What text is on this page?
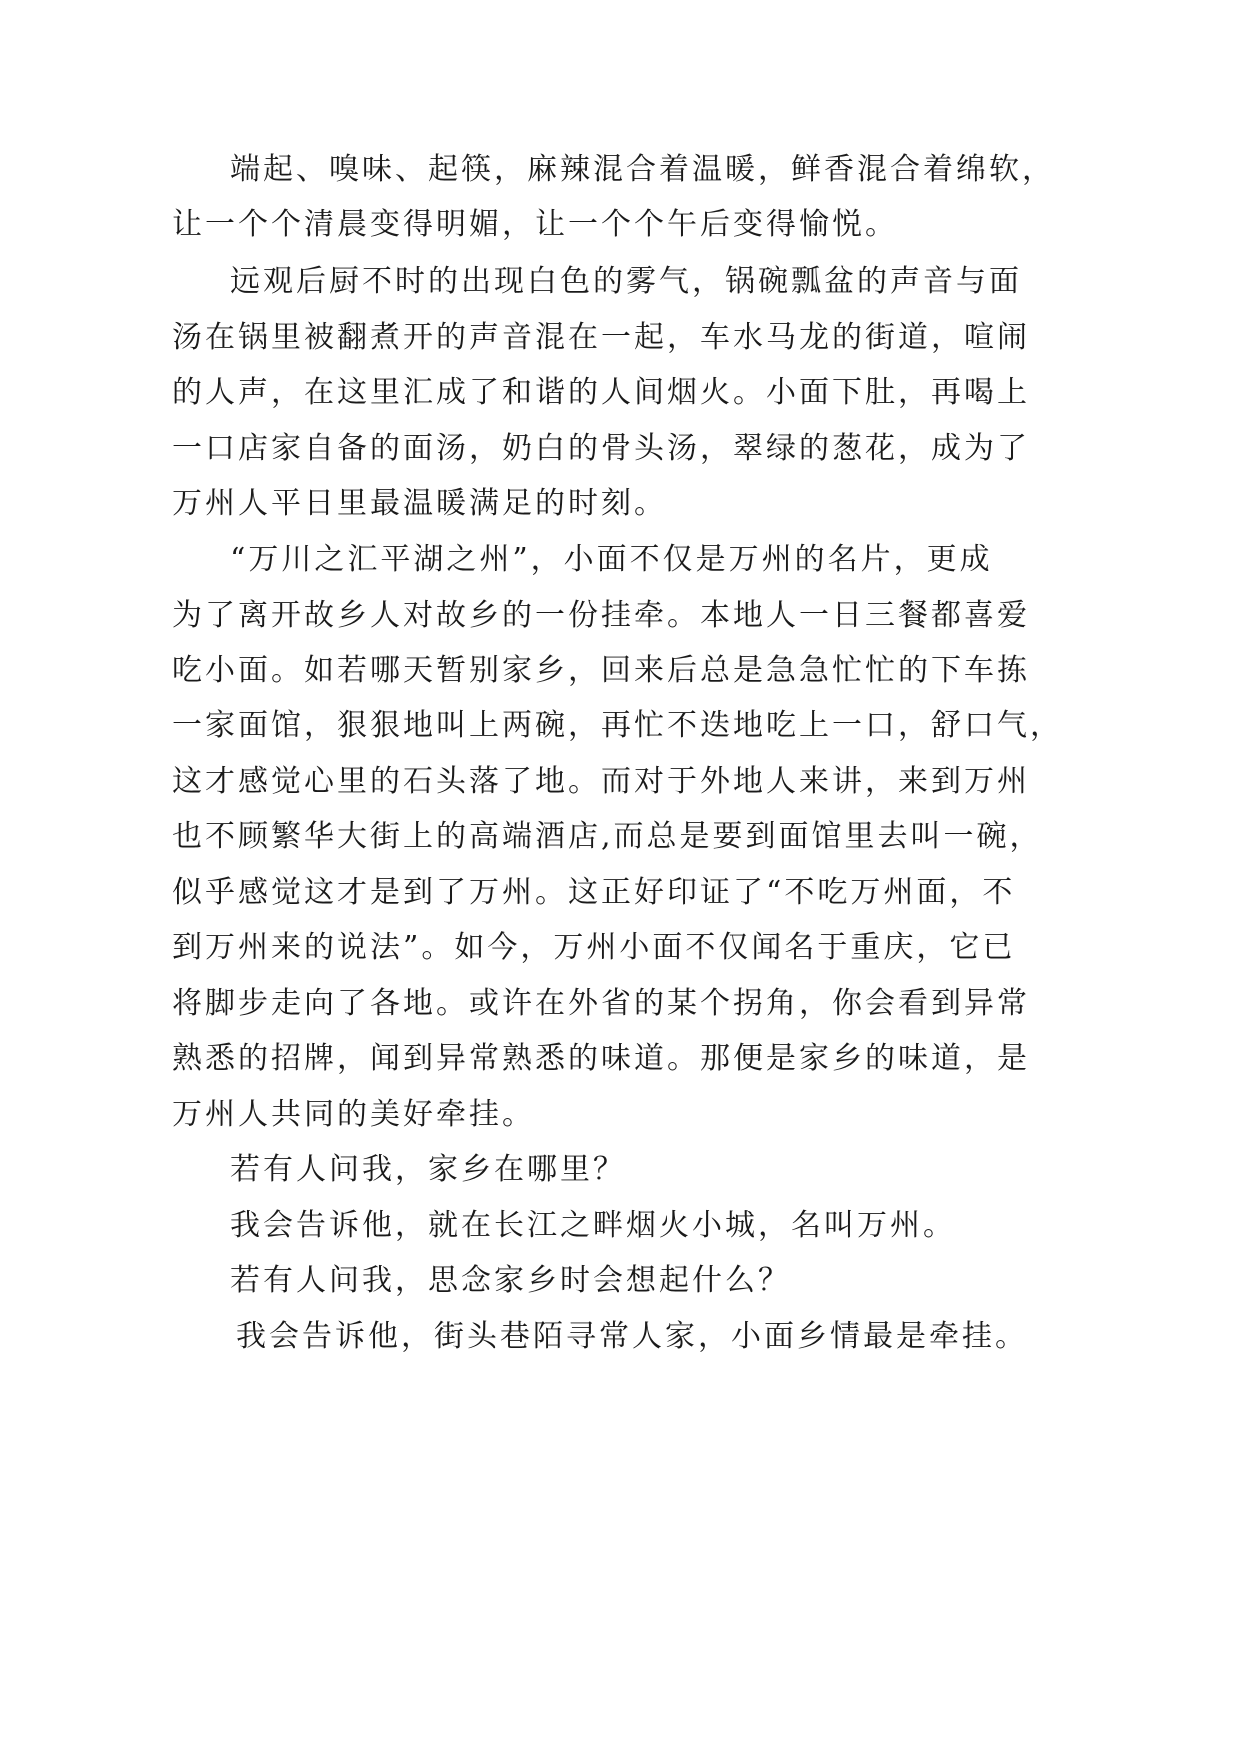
端起、嗅味、起筷，麻辣混合着温暖，鲜香混合着绵软，

让一个个清晨变得明媚，让一个个午后变得愉悦。

远观后厨不时的出现白色的雾气，锅碗瓢盆的声音与面

汤在锅里被翻煮开的声音混在一起，车水马龙的街道，喧闹

的人声，在这里汇成了和谐的人间烟火。小面下肚，再喝上

一口店家自备的面汤，奶白的骨头汤，翠绿的葱花，成为了

万州人平日里最温暖满足的时刻。

“万川之汇平湖之州”，小面不仅是万州的名片，更成

为了离开故乡人对故乡的一份挂牵。本地人一日三餐都喜爱

吃小面。如若哪天暂别家乡，回来后总是急急忙忙的下车拣

一家面馆，狠狠地叫上两碗，再忙不迭地吃上一口，舒口气，

这才感觉心里的石头落了地。而对于外地人来讲，来到万州

也不顾繁华大街上的高端酒店,而总是要到面馆里去叫一碗，

似乎感觉这才是到了万州。这正好印证了“不吃万州面，不

到万州来的说法”。如今，万州小面不仅闻名于重庆，它已

将脚步走向了各地。或许在外省的某个拐角，你会看到异常

熟悉的招牌，闻到异常熟悉的味道。那便是家乡的味道，是

万州人共同的美好牵挂。

若有人问我，家乡在哪里？

我会告诉他，就在长江之畔烟火小城，名叫万州。

若有人问我，思念家乡时会想起什么？

我会告诉他，街头巷陌寻常人家，小面乡情最是牵挂。
